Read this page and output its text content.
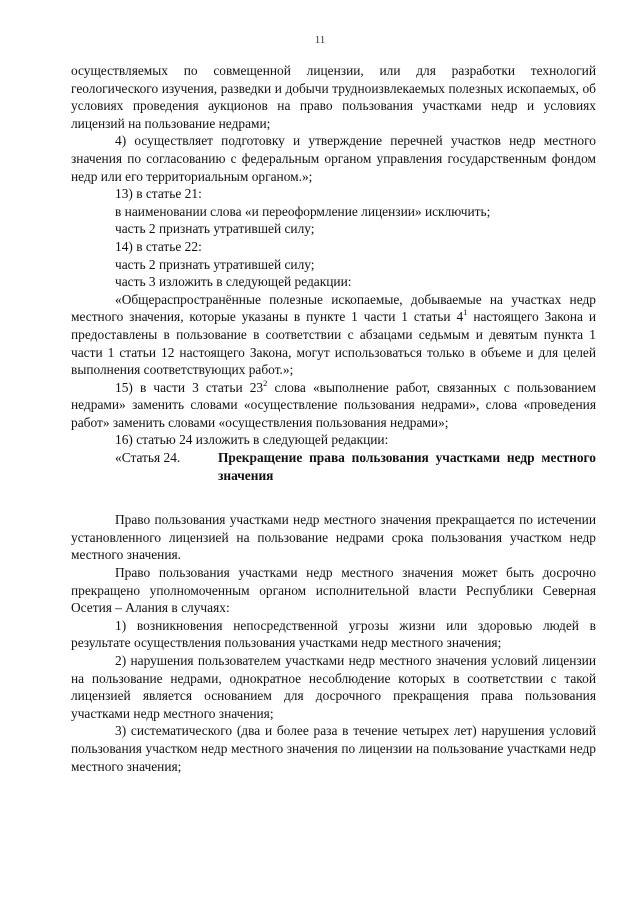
11

осуществляемых по совмещенной лицензии, или для разработки технологий геологического изучения, разведки и добычи трудноизвлекаемых полезных ископаемых, об условиях проведения аукционов на право пользования участками недр и условиях лицензий на пользование недрами;

4) осуществляет подготовку и утверждение перечней участков недр местного значения по согласованию с федеральным органом управления государственным фондом недр или его территориальным органом.»;

13) в статье 21:

в наименовании слова «и переоформление лицензии» исключить;

часть 2 признать утратившей силу;

14) в статье 22:

часть 2 признать утратившей силу;

часть 3 изложить в следующей редакции:

«Общераспространённые полезные ископаемые, добываемые на участках недр местного значения, которые указаны в пункте 1 части 1 статьи $4^1$ настоящего Закона и предоставлены в пользование в соответствии с абзацами седьмым и девятым пункта 1 части 1 статьи 12 настоящего Закона, могут использоваться только в объеме и для целей выполнения соответствующих работ.»;

15) в части 3 статьи $23^2$ слова «выполнение работ, связанных с пользованием недрами» заменить словами «осуществление пользования недрами», слова «проведения работ» заменить словами «осуществления пользования недрами»;

16) статью 24 изложить в следующей редакции:

«Статья 24.	Прекращение права пользования участками недр местного значения

Право пользования участками недр местного значения прекращается по истечении установленного лицензией на пользование недрами срока пользования участком недр местного значения.

Право пользования участками недр местного значения может быть досрочно прекращено уполномоченным органом исполнительной власти Республики Северная Осетия – Алания в случаях:

1) возникновения непосредственной угрозы жизни или здоровью людей в результате осуществления пользования участками недр местного значения;

2) нарушения пользователем участками недр местного значения условий лицензии на пользование недрами, однократное несоблюдение которых в соответствии с такой лицензией является основанием для досрочного прекращения права пользования участками недр местного значения;

3) систематического (два и более раза в течение четырех лет) нарушения условий пользования участком недр местного значения по лицензии на пользование участками недр местного значения;
